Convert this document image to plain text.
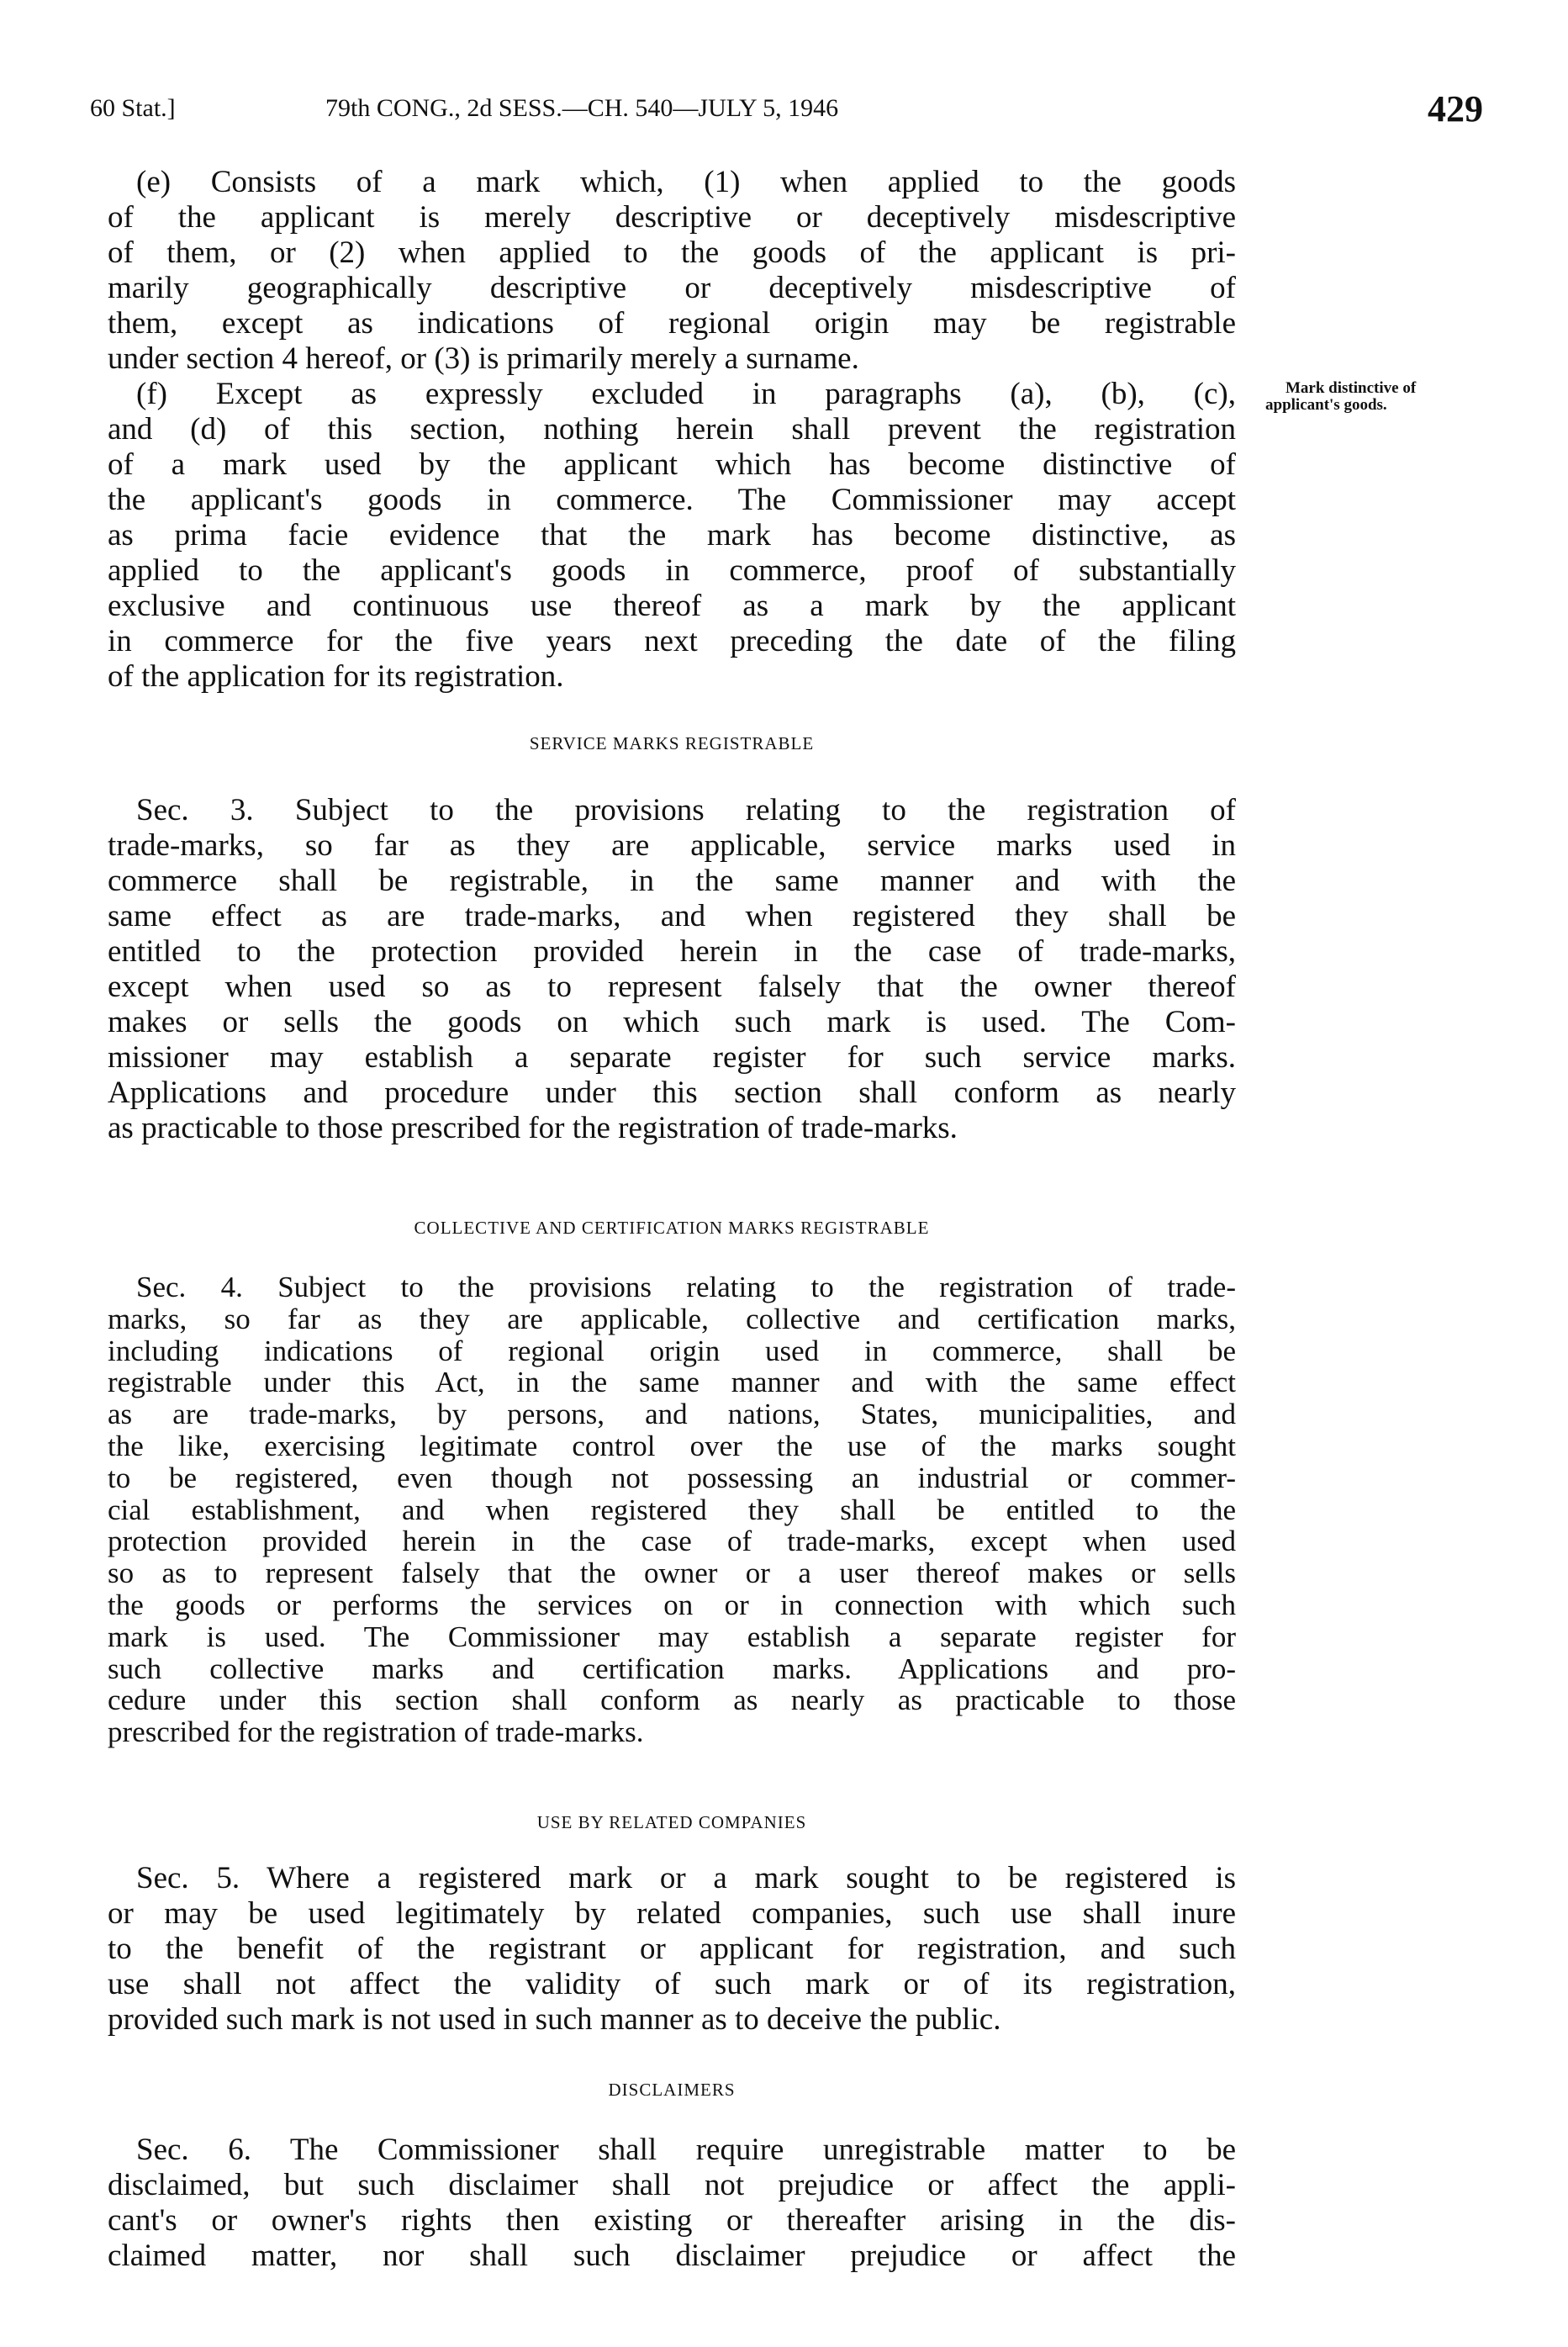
60 Stat.]	79th CONG., 2d SESS.—CH. 540—JULY 5, 1946	429
Mark distinctive of
applicant's goods.
SERVICE MARKS REGISTRABLE
COLLECTIVE AND CERTIFICATION MARKS REGISTRABLE
USE BY RELATED COMPANIES
DISCLAIMERS
(e) Consists of a mark which, (1) when applied to the goods
of the applicant is merely descriptive or deceptively misdescriptive
of them, or (2) when applied to the goods of the applicant is pri-
marily geographically descriptive or deceptively misdescriptive of
them, except as indications of regional origin may be registrable
under section 4 hereof, or (3) is primarily merely a surname.
(f) Except as expressly excluded in paragraphs (a), (b), (c),
and (d) of this section, nothing herein shall prevent the registration
of a mark used by the applicant which has become distinctive of
the applicant's goods in commerce. The Commissioner may accept
as prima facie evidence that the mark has become distinctive, as
applied to the applicant's goods in commerce, proof of substantially
exclusive and continuous use thereof as a mark by the applicant
in commerce for the five years next preceding the date of the filing
of the application for its registration.
Sec. 3. Subject to the provisions relating to the registration of
trade-marks, so far as they are applicable, service marks used in
commerce shall be registrable, in the same manner and with the
same effect as are trade-marks, and when registered they shall be
entitled to the protection provided herein in the case of trade-marks,
except when used so as to represent falsely that the owner thereof
makes or sells the goods on which such mark is used. The Com-
missioner may establish a separate register for such service marks.
Applications and procedure under this section shall conform as nearly
as practicable to those prescribed for the registration of trade-marks.
Sec. 4. Subject to the provisions relating to the registration of trade-
marks, so far as they are applicable, collective and certification marks,
including indications of regional origin used in commerce, shall be
registrable under this Act, in the same manner and with the same effect
as are trade-marks, by persons, and nations, States, municipalities, and
the like, exercising legitimate control over the use of the marks sought
to be registered, even though not possessing an industrial or commer-
cial establishment, and when registered they shall be entitled to the
protection provided herein in the case of trade-marks, except when used
so as to represent falsely that the owner or a user thereof makes or sells
the goods or performs the services on or in connection with which such
mark is used. The Commissioner may establish a separate register for
such collective marks and certification marks. Applications and pro-
cedure under this section shall conform as nearly as practicable to those
prescribed for the registration of trade-marks.
Sec. 5. Where a registered mark or a mark sought to be registered is
or may be used legitimately by related companies, such use shall inure
to the benefit of the registrant or applicant for registration, and such
use shall not affect the validity of such mark or of its registration,
provided such mark is not used in such manner as to deceive the public.
Sec. 6. The Commissioner shall require unregistrable matter to be
disclaimed, but such disclaimer shall not prejudice or affect the appli-
cant's or owner's rights then existing or thereafter arising in the dis-
claimed matter, nor shall such disclaimer prejudice or affect the
